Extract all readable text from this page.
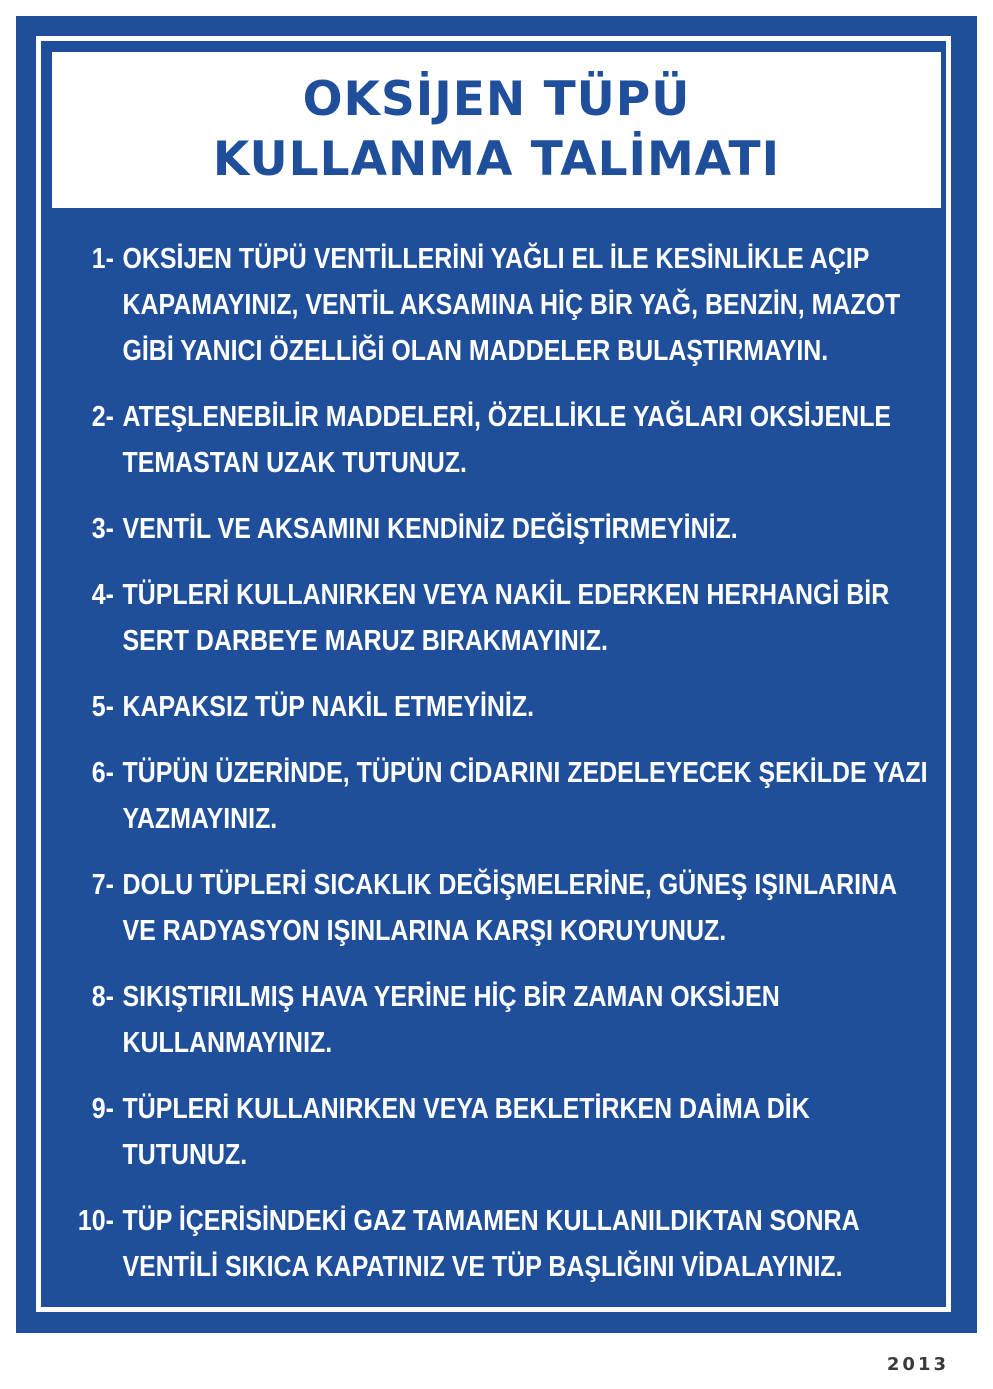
OKSİJEN TÜPÜ
KULLANMA TALİMATI
1- OKSİJEN TÜPÜ VENTİLLERİNİ YAĞLI EL İLE KESİNLİKLE AÇIP KAPAMAYINIZ, VENTİL AKSAMINA HİÇ BİR YAĞ, BENZİN, MAZOT GİBİ YANICI ÖZELLİĞİ OLAN MADDELER BULAŞTIRMAYIN.
2- ATEŞLENEBİLİR MADDELERİ, ÖZELLİKLE YAĞLARI OKSİJENLE TEMASTAN UZAK TUTUNUZ.
3- VENTİL VE AKSAMINI KENDİNİZ DEĞİŞTİRMEYİNİZ.
4- TÜPLERİ KULLANIRKEN VEYA NAKİL EDERKEN HERHANGİ BİR SERT DARBEYE MARUZ BIRAKMAYINIZ.
5- KAPAKSIZ TÜP NAKİL ETMEYİNİZ.
6- TÜPÜN ÜZERİNDE, TÜPÜN CİDARINI ZEDELEYECEK ŞEKİLDE YAZI YAZMAYINIZ.
7- DOLU TÜPLERİ SICAKLIK DEĞİŞMELERİNE, GÜNEŞ IŞINLARINA VE RADYASYON IŞINLARINA KARŞI KORUYUNUZ.
8- SIKIŞTIRILMIŞ HAVA YERİNE HİÇ BİR ZAMAN OKSİJEN KULLANMAYINIZ.
9- TÜPLERİ KULLANIRKEN VEYA BEKLETİRKEN DAİMA DİK TUTUNUZ.
10- TÜP İÇERİSİNDEKİ GAZ TAMAMEN KULLANILDIKTAN SONRA VENTİLİ SIKICA KAPATINIZ VE TÜP BAŞLIĞINI VİDALAYINIZ.
2013
